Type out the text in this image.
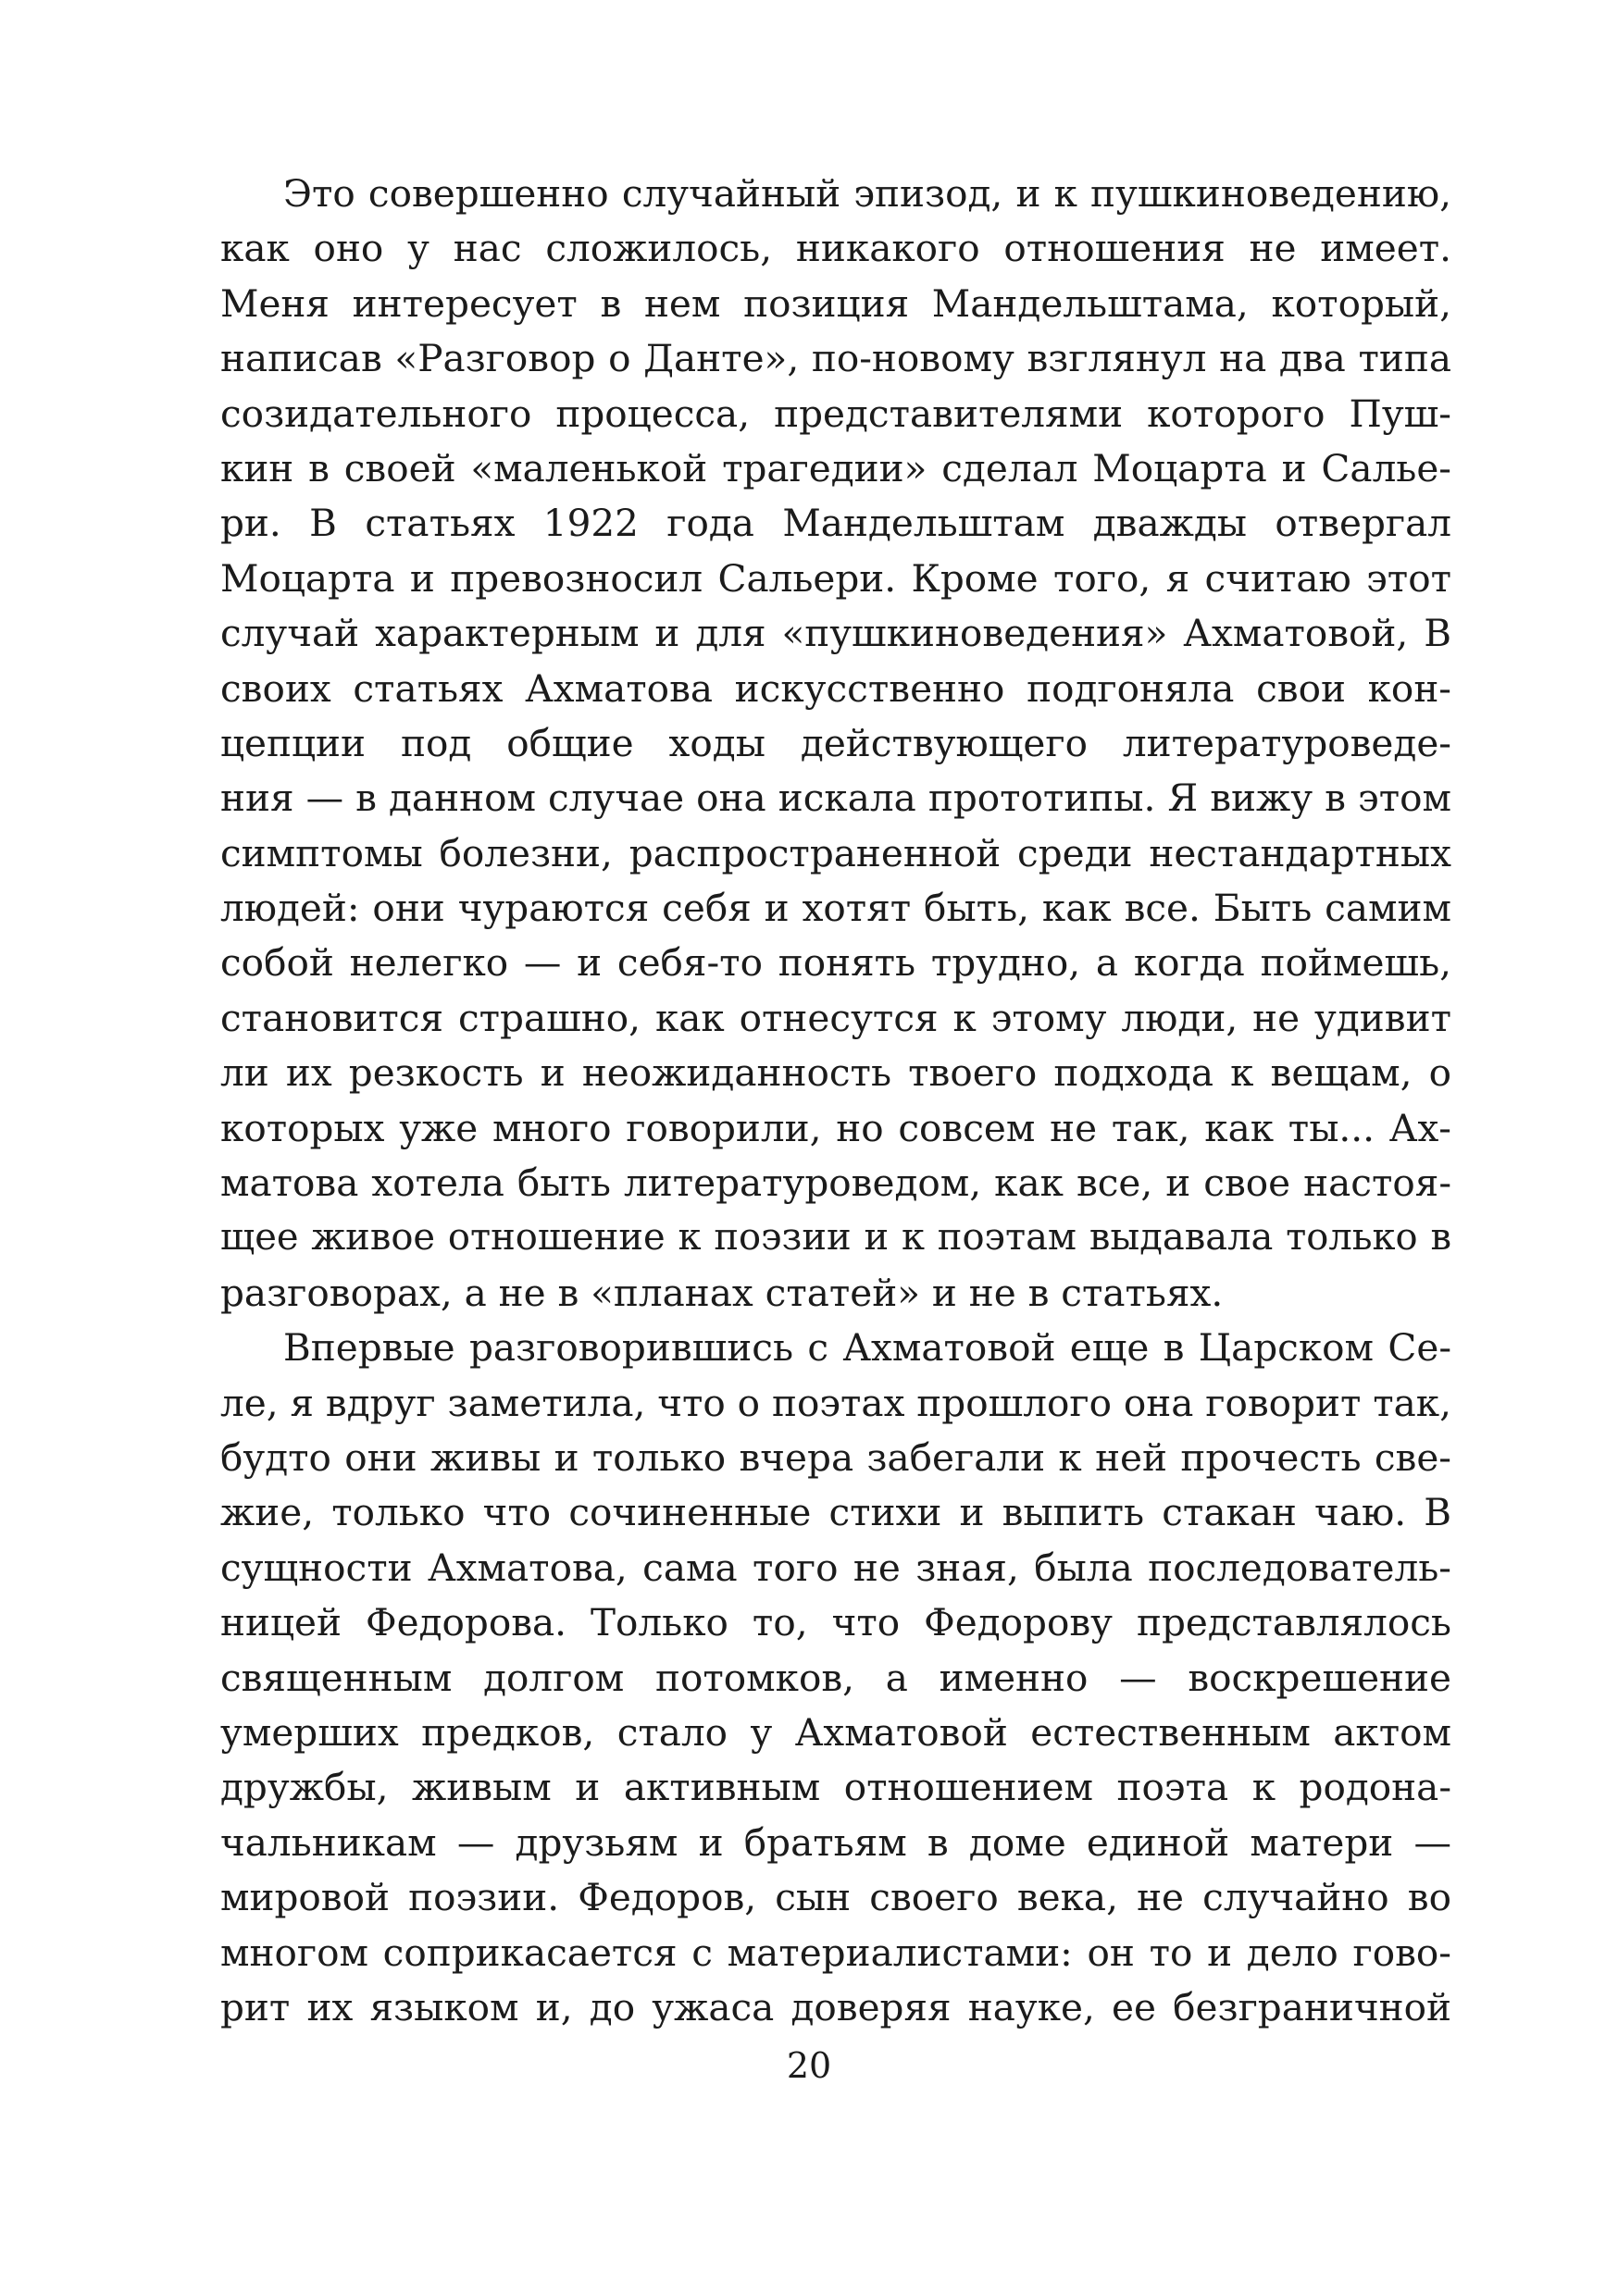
Это совершенно случайный эпизод, и к пушкиноведению,
как оно у нас сложилось, никакого отношения не имеет.
Меня интересует в нем позиция Мандельштама, который,
написав «Разговор о Данте», по-новому взглянул на два типа
созидательного процесса, представителями которого Пуш-
кин в своей «маленькой трагедии» сделал Моцарта и Салье-
ри. В статьях 1922 года Мандельштам дважды отвергал
Моцарта и превозносил Сальери. Кроме того, я считаю этот
случай характерным и для «пушкиноведения» Ахматовой, В
своих статьях Ахматова искусственно подгоняла свои кон-
цепции под общие ходы действующего литературоведе-
ния — в данном случае она искала прототипы. Я вижу в этом
симптомы болезни, распространенной среди нестандартных
людей: они чураются себя и хотят быть, как все. Быть самим
собой нелегко — и себя-то понять трудно, а когда поймешь,
становится страшно, как отнесутся к этому люди, не удивит
ли их резкость и неожиданность твоего подхода к вещам, о
которых уже много говорили, но совсем не так, как ты... Ах-
матова хотела быть литературоведом, как все, и свое настоя-
щее живое отношение к поэзии и к поэтам выдавала только в
разговорах, а не в «планах статей» и не в статьях.
Впервые разговорившись с Ахматовой еще в Царском Се-
ле, я вдруг заметила, что о поэтах прошлого она говорит так,
будто они живы и только вчера забегали к ней прочесть све-
жие, только что сочиненные стихи и выпить стакан чаю. В
сущности Ахматова, сама того не зная, была последователь-
ницей Федорова. Только то, что Федорову представлялось
священным долгом потомков, а именно — воскрешение
умерших предков, стало у Ахматовой естественным актом
дружбы, живым и активным отношением поэта к родона-
чальникам — друзьям и братьям в доме единой матери —
мировой поэзии. Федоров, сын своего века, не случайно во
многом соприкасается с материалистами: он то и дело гово-
рит их языком и, до ужаса доверяя науке, ее безграничной
20
